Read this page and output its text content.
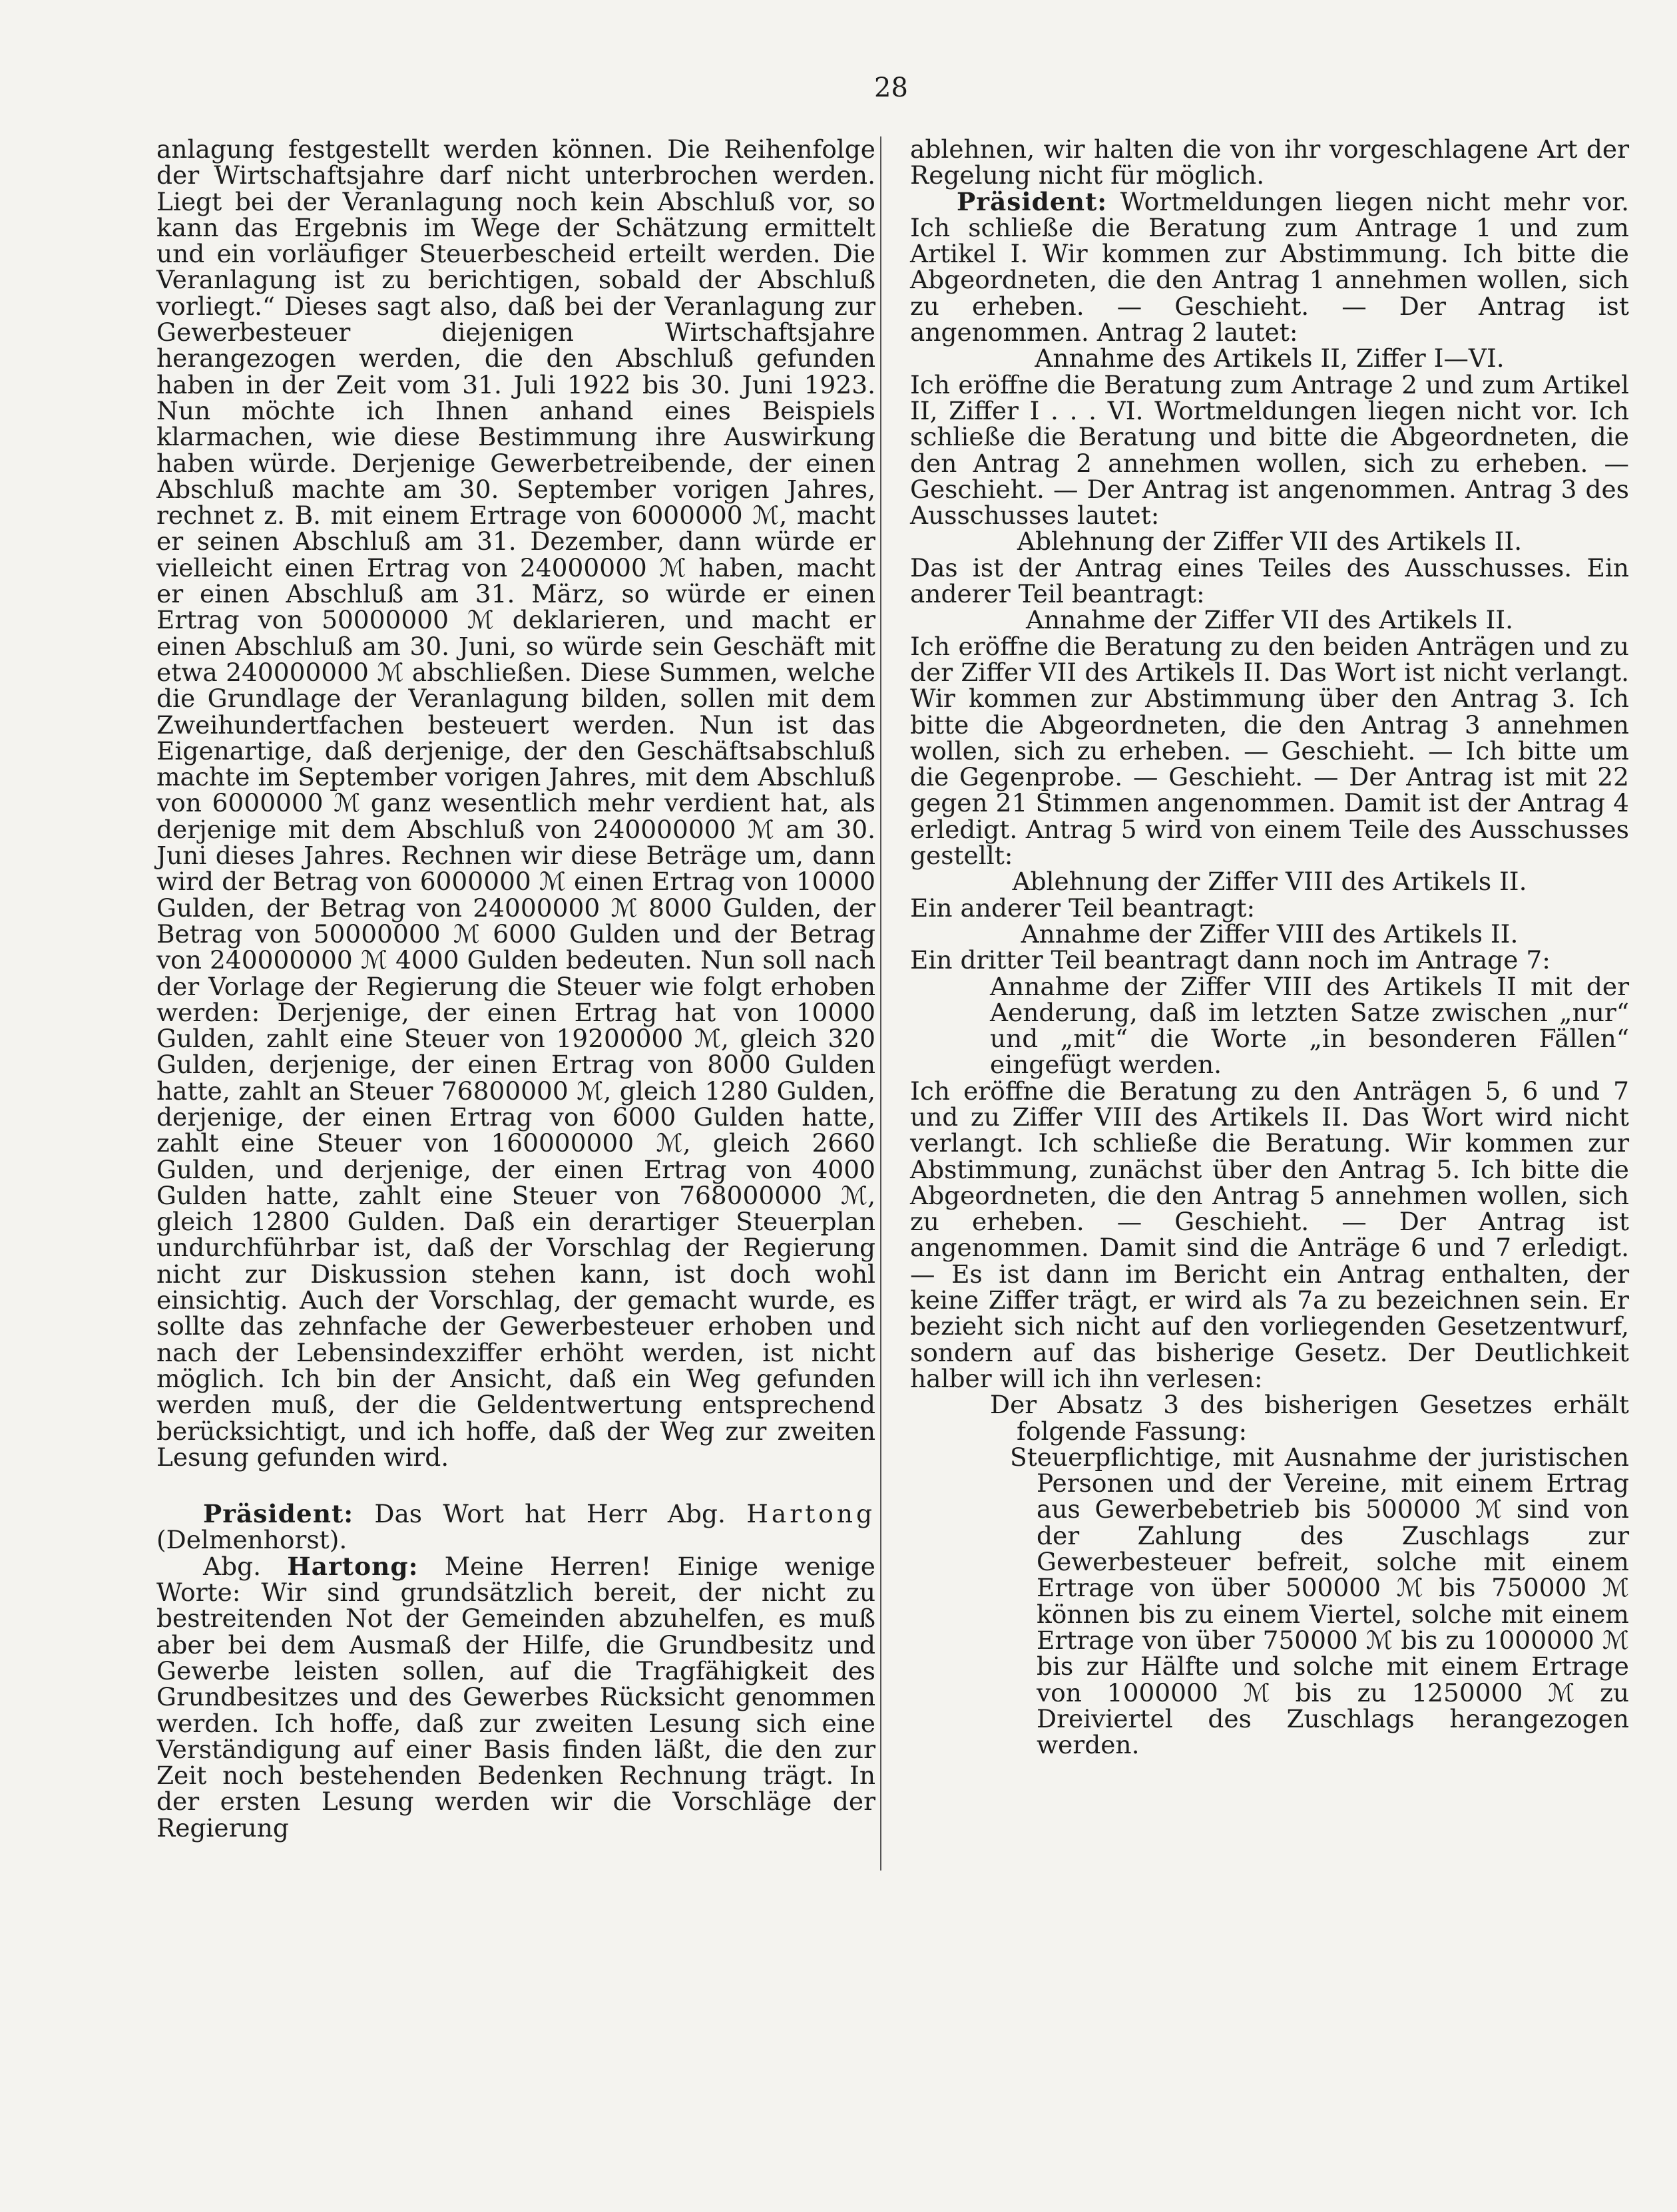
28

anlagung festgestellt werden können. Die Reihenfolge der Wirtschaftsjahre darf nicht unterbrochen werden. Liegt bei der Veranlagung noch kein Abschluß vor, so kann das Ergebnis im Wege der Schätzung ermittelt und ein vorläufiger Steuerbescheid erteilt werden. Die Veranlagung ist zu berichtigen, sobald der Abschluß vorliegt.“ Dieses sagt also, daß bei der Veranlagung zur Gewerbesteuer diejenigen Wirtschaftsjahre herangezogen werden, die den Abschluß gefunden haben in der Zeit vom 31. Juli 1922 bis 30. Juni 1923. Nun möchte ich Ihnen anhand eines Beispiels klarmachen, wie diese Bestimmung ihre Auswirkung haben würde. Derjenige Gewerbetreibende, der einen Abschluß machte am 30. September vorigen Jahres, rechnet z. B. mit einem Ertrage von 6000000 ℳ, macht er seinen Abschluß am 31. Dezember, dann würde er vielleicht einen Ertrag von 24000000 ℳ haben, macht er einen Abschluß am 31. März, so würde er einen Ertrag von 50000000 ℳ deklarieren, und macht er einen Abschluß am 30. Juni, so würde sein Geschäft mit etwa 240000000 ℳ abschließen. Diese Summen, welche die Grundlage der Veranlagung bilden, sollen mit dem Zweihundertfachen besteuert werden. Nun ist das Eigenartige, daß derjenige, der den Geschäftsabschluß machte im September vorigen Jahres, mit dem Abschluß von 6000000 ℳ ganz wesentlich mehr verdient hat, als derjenige mit dem Abschluß von 240000000 ℳ am 30. Juni dieses Jahres. Rechnen wir diese Beträge um, dann wird der Betrag von 6000000 ℳ einen Ertrag von 10000 Gulden, der Betrag von 24000000 ℳ 8000 Gulden, der Betrag von 50000000 ℳ 6000 Gulden und der Betrag von 240000000 ℳ 4000 Gulden bedeuten. Nun soll nach der Vorlage der Regierung die Steuer wie folgt erhoben werden: Derjenige, der einen Ertrag hat von 10000 Gulden, zahlt eine Steuer von 19200000 ℳ, gleich 320 Gulden, derjenige, der einen Ertrag von 8000 Gulden hatte, zahlt an Steuer 76800000 ℳ, gleich 1280 Gulden, derjenige, der einen Ertrag von 6000 Gulden hatte, zahlt eine Steuer von 160000000 ℳ, gleich 2660 Gulden, und derjenige, der einen Ertrag von 4000 Gulden hatte, zahlt eine Steuer von 768000000 ℳ, gleich 12800 Gulden. Daß ein derartiger Steuerplan undurchführbar ist, daß der Vorschlag der Regierung nicht zur Diskussion stehen kann, ist doch wohl einsichtig. Auch der Vorschlag, der gemacht wurde, es sollte das zehnfache der Gewerbesteuer erhoben und nach der Lebensindexziffer erhöht werden, ist nicht möglich. Ich bin der Ansicht, daß ein Weg gefunden werden muß, der die Geldentwertung entsprechend berücksichtigt, und ich hoffe, daß der Weg zur zweiten Lesung gefunden wird.

Präsident: Das Wort hat Herr Abg. Hartong (Delmenhorst).

Abg. Hartong: Meine Herren! Einige wenige Worte: Wir sind grundsätzlich bereit, der nicht zu bestreitenden Not der Gemeinden abzuhelfen, es muß aber bei dem Ausmaß der Hilfe, die Grundbesitz und Gewerbe leisten sollen, auf die Tragfähigkeit des Grundbesitzes und des Gewerbes Rücksicht genommen werden. Ich hoffe, daß zur zweiten Lesung sich eine Verständigung auf einer Basis finden läßt, die den zur Zeit noch bestehenden Bedenken Rechnung trägt. In der ersten Lesung werden wir die Vorschläge der Regierung

ablehnen, wir halten die von ihr vorgeschlagene Art der Regelung nicht für möglich.

Präsident: Wortmeldungen liegen nicht mehr vor. Ich schließe die Beratung zum Antrage 1 und zum Artikel I. Wir kommen zur Abstimmung. Ich bitte die Abgeordneten, die den Antrag 1 annehmen wollen, sich zu erheben. — Geschieht. — Der Antrag ist angenommen. Antrag 2 lautet:

Annahme des Artikels II, Ziffer I—VI.

Ich eröffne die Beratung zum Antrage 2 und zum Artikel II, Ziffer I . . . VI. Wortmeldungen liegen nicht vor. Ich schließe die Beratung und bitte die Abgeordneten, die den Antrag 2 annehmen wollen, sich zu erheben. — Geschieht. — Der Antrag ist angenommen. Antrag 3 des Ausschusses lautet:

Ablehnung der Ziffer VII des Artikels II.

Das ist der Antrag eines Teiles des Ausschusses. Ein anderer Teil beantragt:

Annahme der Ziffer VII des Artikels II.

Ich eröffne die Beratung zu den beiden Anträgen und zu der Ziffer VII des Artikels II. Das Wort ist nicht verlangt. Wir kommen zur Abstimmung über den Antrag 3. Ich bitte die Abgeordneten, die den Antrag 3 annehmen wollen, sich zu erheben. — Geschieht. — Ich bitte um die Gegenprobe. — Geschieht. — Der Antrag ist mit 22 gegen 21 Stimmen angenommen. Damit ist der Antrag 4 erledigt. Antrag 5 wird von einem Teile des Ausschusses gestellt:

Ablehnung der Ziffer VIII des Artikels II.

Ein anderer Teil beantragt:

Annahme der Ziffer VIII des Artikels II.

Ein dritter Teil beantragt dann noch im Antrage 7:

Annahme der Ziffer VIII des Artikels II mit der Aenderung, daß im letzten Satze zwischen „nur“ und „mit“ die Worte „in besonderen Fällen“ eingefügt werden.

Ich eröffne die Beratung zu den Anträgen 5, 6 und 7 und zu Ziffer VIII des Artikels II. Das Wort wird nicht verlangt. Ich schließe die Beratung. Wir kommen zur Abstimmung, zunächst über den Antrag 5. Ich bitte die Abgeordneten, die den Antrag 5 annehmen wollen, sich zu erheben. — Geschieht. — Der Antrag ist angenommen. Damit sind die Anträge 6 und 7 erledigt. — Es ist dann im Bericht ein Antrag enthalten, der keine Ziffer trägt, er wird als 7a zu bezeichnen sein. Er bezieht sich nicht auf den vorliegenden Gesetzentwurf, sondern auf das bisherige Gesetz. Der Deutlichkeit halber will ich ihn verlesen:

Der Absatz 3 des bisherigen Gesetzes erhält folgende Fassung:

Steuerpflichtige, mit Ausnahme der juristischen Personen und der Vereine, mit einem Ertrag aus Gewerbebetrieb bis 500000 ℳ sind von der Zahlung des Zuschlags zur Gewerbesteuer befreit, solche mit einem Ertrage von über 500000 ℳ bis 750000 ℳ können bis zu einem Viertel, solche mit einem Ertrage von über 750000 ℳ bis zu 1000000 ℳ bis zur Hälfte und solche mit einem Ertrage von 1000000 ℳ bis zu 1250000 ℳ zu Dreiviertel des Zuschlags herangezogen werden.
